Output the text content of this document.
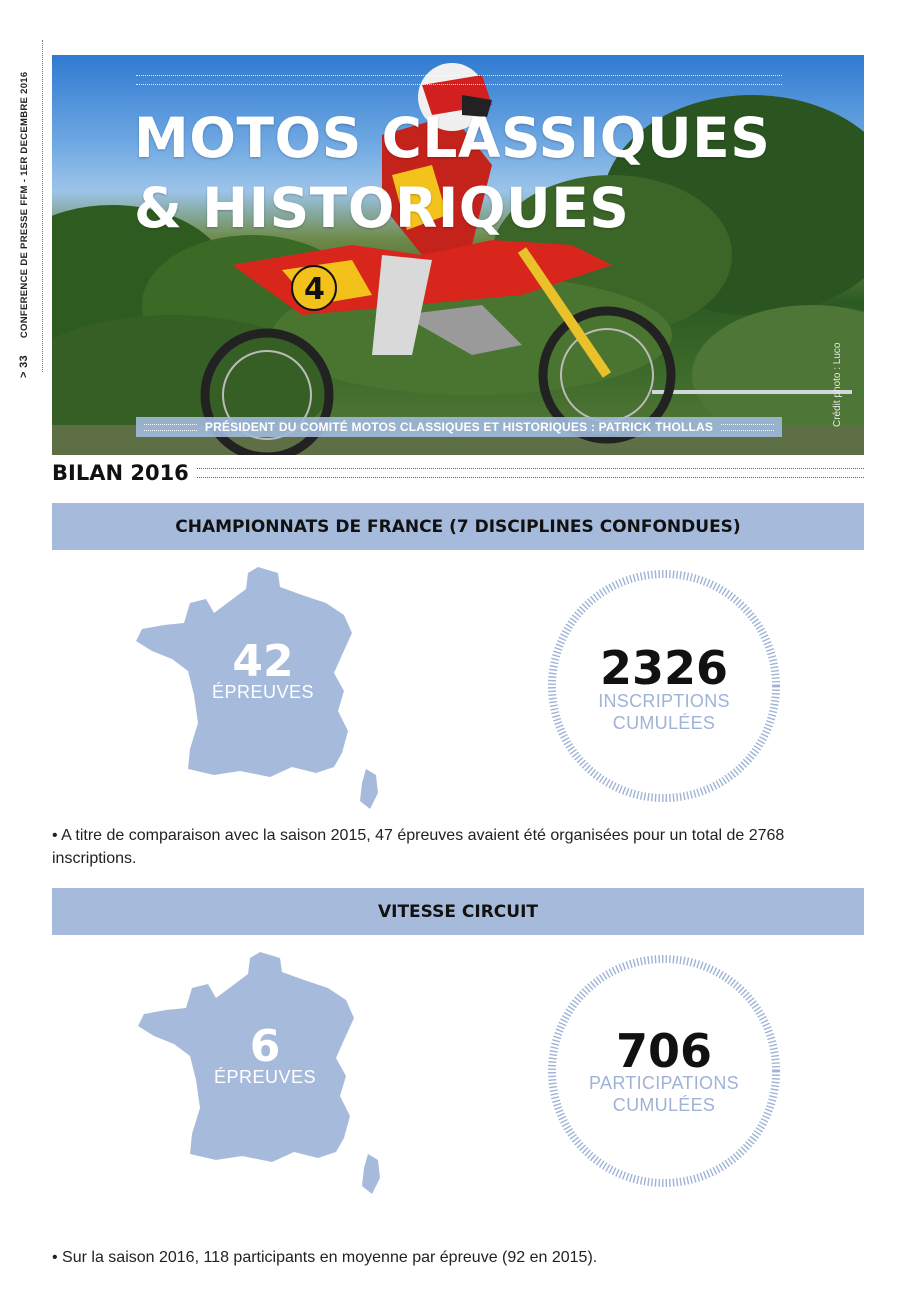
> 33 CONFERENCE DE PRESSE FFM - 1ER DECEMBRE 2016	4
MOTOS CLASSIQUES
& HISTORIQUES
Crédit photo : Luco
PRÉSIDENT DU COMITÉ MOTOS CLASSIQUES ET HISTORIQUES : PATRICK THOLLAS
BILAN 2016
CHAMPIONNATS DE FRANCE (7 DISCIPLINES CONFONDUES)
42
ÉPREUVES	2326
INSCRIPTIONS
CUMULÉES
• A titre de comparaison avec la saison 2015, 47 épreuves avaient été organisées pour un total de 2768 inscriptions.
VITESSE CIRCUIT
6
ÉPREUVES	706
PARTICIPATIONS
CUMULÉES
• Sur la saison 2016, 118 participants en moyenne par épreuve (92 en 2015).
